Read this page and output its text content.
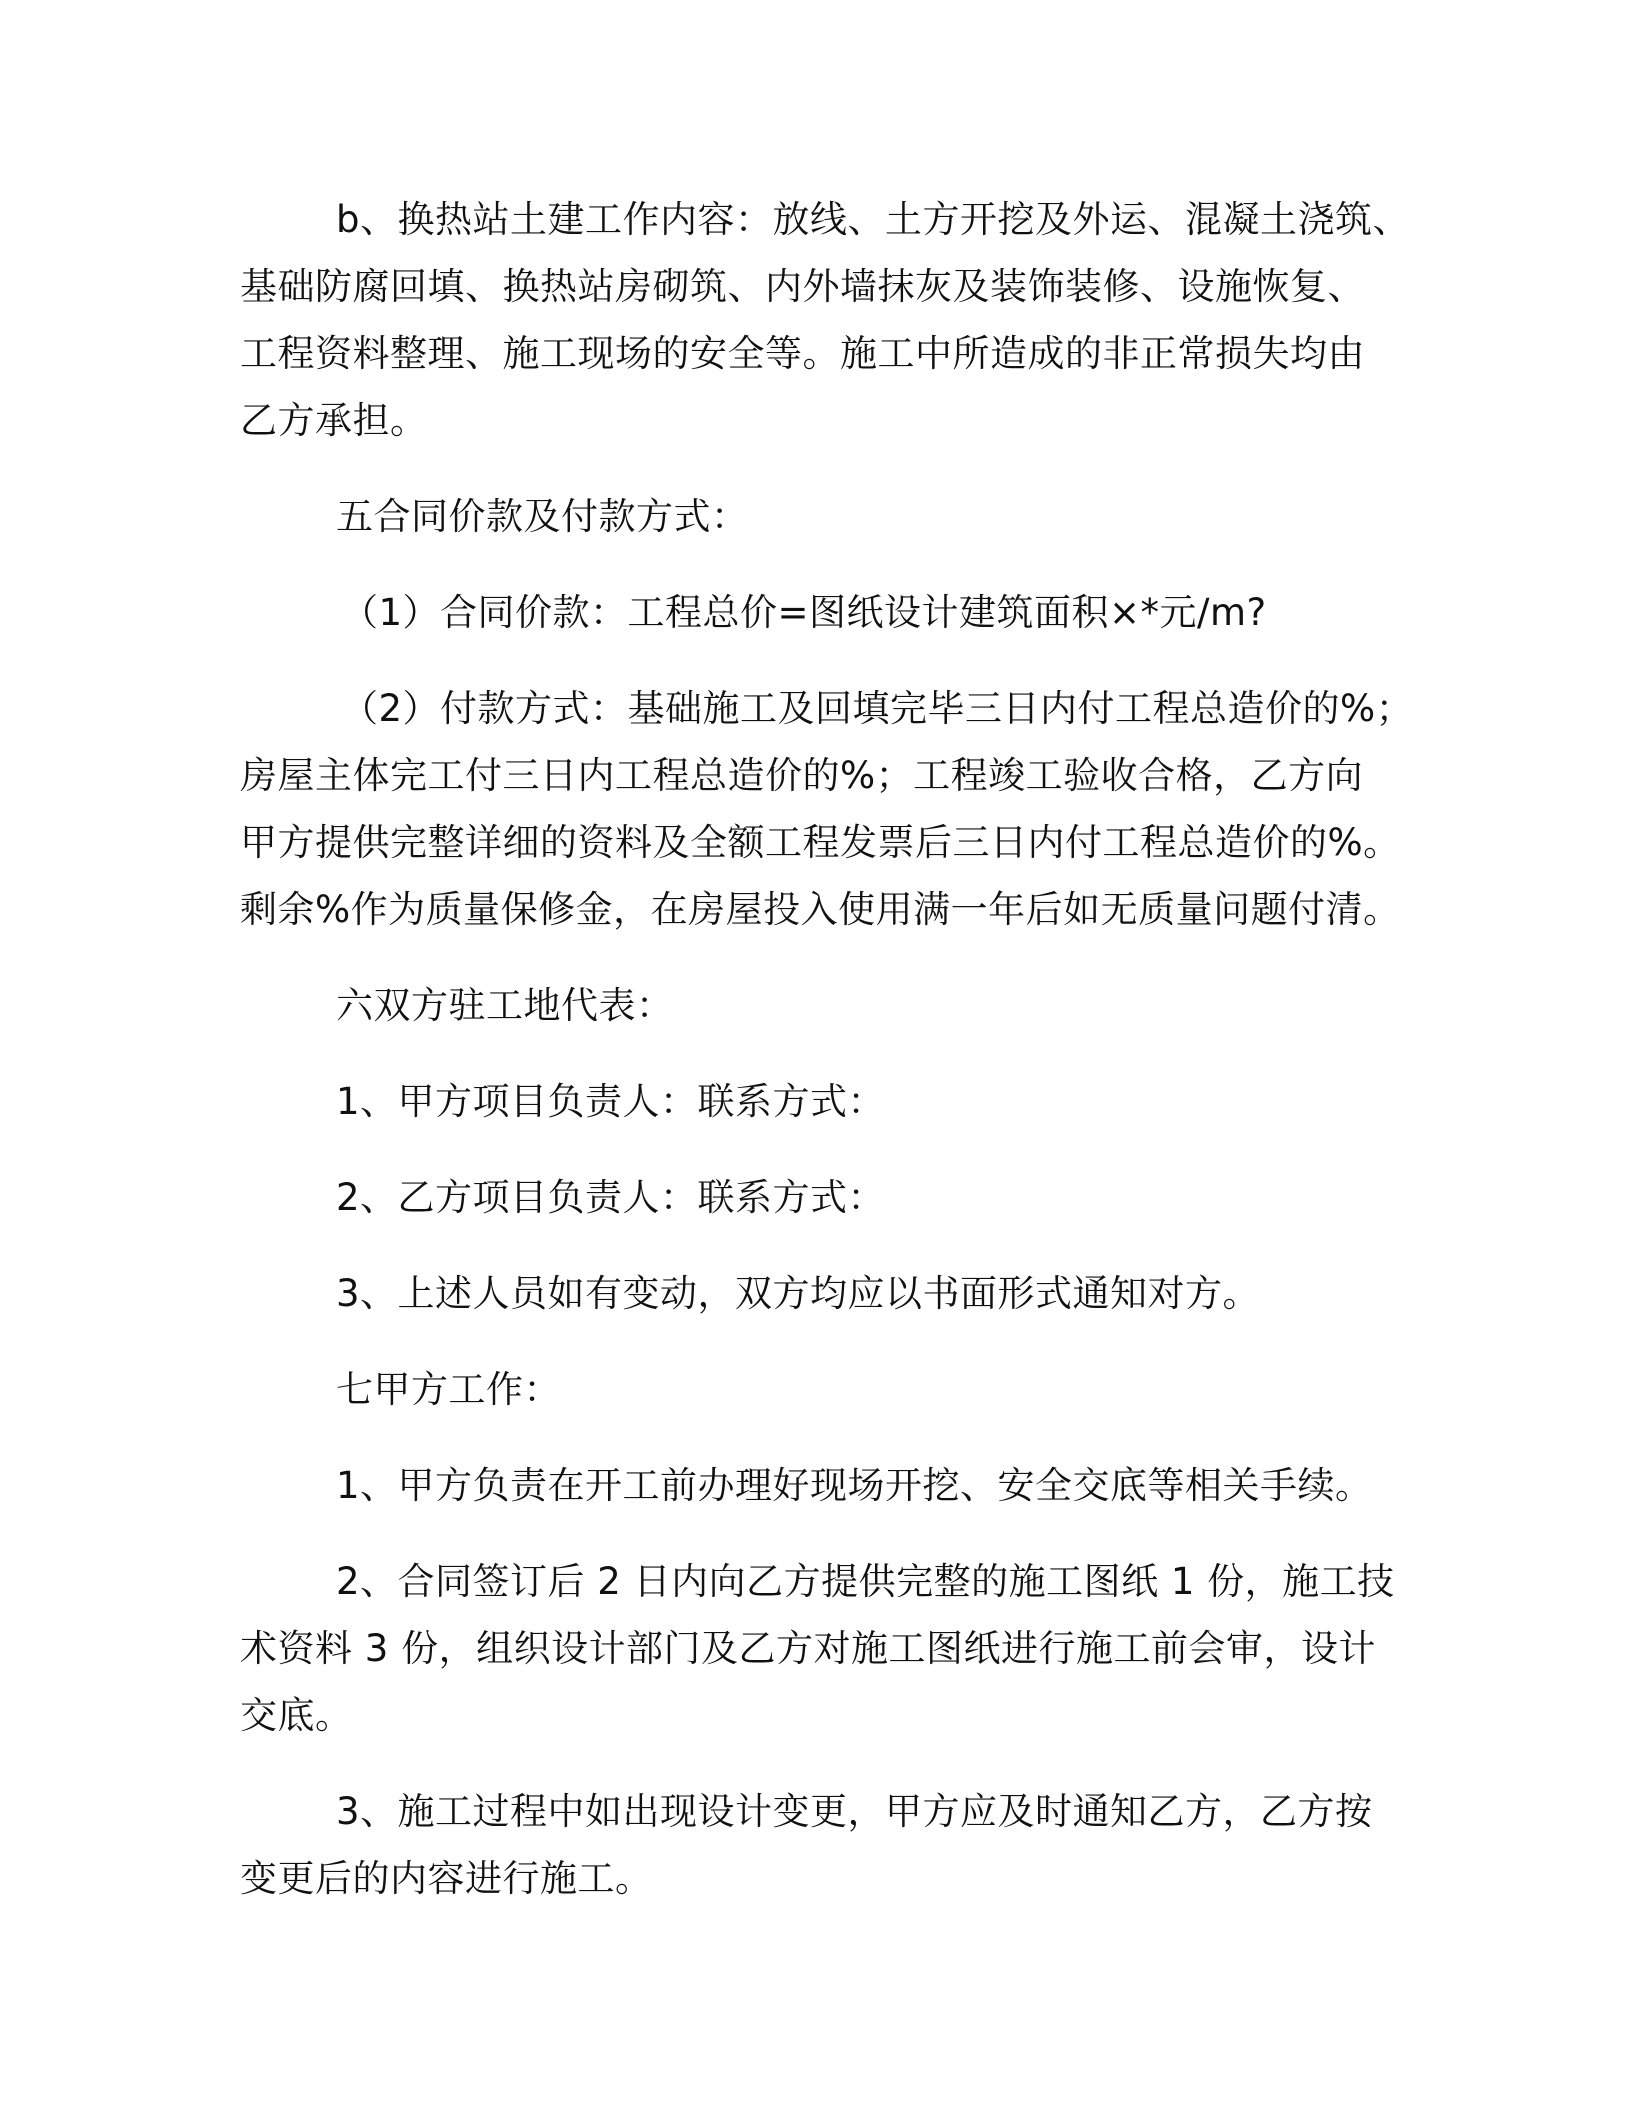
b、换热站土建工作内容：放线、土方开挖及外运、混凝土浇筑、
基础防腐回填、换热站房砌筑、内外墙抹灰及装饰装修、设施恢复、
工程资料整理、施工现场的安全等。施工中所造成的非正常损失均由
乙方承担。

五合同价款及付款方式：

（1）合同价款：工程总价=图纸设计建筑面积×*元/m?

（2）付款方式：基础施工及回填完毕三日内付工程总造价的%；
房屋主体完工付三日内工程总造价的%；工程竣工验收合格，乙方向
甲方提供完整详细的资料及全额工程发票后三日内付工程总造价的%。
剩余%作为质量保修金，在房屋投入使用满一年后如无质量问题付清。

六双方驻工地代表：

1、甲方项目负责人：联系方式：

2、乙方项目负责人：联系方式：

3、上述人员如有变动，双方均应以书面形式通知对方。

七甲方工作：

1、甲方负责在开工前办理好现场开挖、安全交底等相关手续。

2、合同签订后 2 日内向乙方提供完整的施工图纸 1 份，施工技
术资料 3 份，组织设计部门及乙方对施工图纸进行施工前会审，设计
交底。

3、施工过程中如出现设计变更，甲方应及时通知乙方，乙方按
变更后的内容进行施工。
